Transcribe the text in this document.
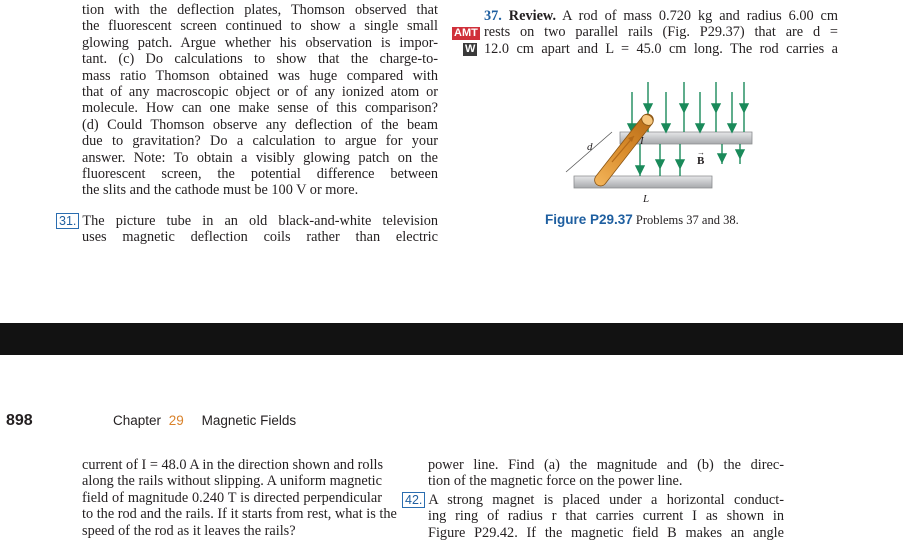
tion with the deflection plates, Thomson observed that
the fluorescent screen continued to show a single small
glowing patch. Argue whether his observation is impor-
tant. (c) Do calculations to show that the charge-to-
mass ratio Thomson obtained was huge compared with
that of any macroscopic object or of any ionized atom or
molecule. How can one make sense of this comparison?
(d) Could Thomson observe any deflection of the beam
due to gravitation? Do a calculation to argue for your
answer. Note: To obtain a visibly glowing patch on the
fluorescent screen, the potential difference between
the slits and the cathode must be 100 V or more.
31. The picture tube in an old black-and-white television
uses magnetic deflection coils rather than electric
37. Review. A rod of mass 0.720 kg and radius 6.00 cm
rests on two parallel rails (Fig. P29.37) that are d =
12.0 cm apart and L = 45.0 cm long. The rod carries a
AMT
W
d	I
B
→
L
Figure P29.37 Problems 37 and 38.
898	Chapter 29 Magnetic Fields
current of I = 48.0 A in the direction shown and rolls
along the rails without slipping. A uniform magnetic
field of magnitude 0.240 T is directed perpendicular
to the rod and the rails. If it starts from rest, what is the
speed of the rod as it leaves the rails?
power line. Find (a) the magnitude and (b) the direc-
tion of the magnetic force on the power line.
42. A strong magnet is placed under a horizontal conduct-
ing ring of radius r that carries current I as shown in
Figure P29.42. If the magnetic field B makes an angle
